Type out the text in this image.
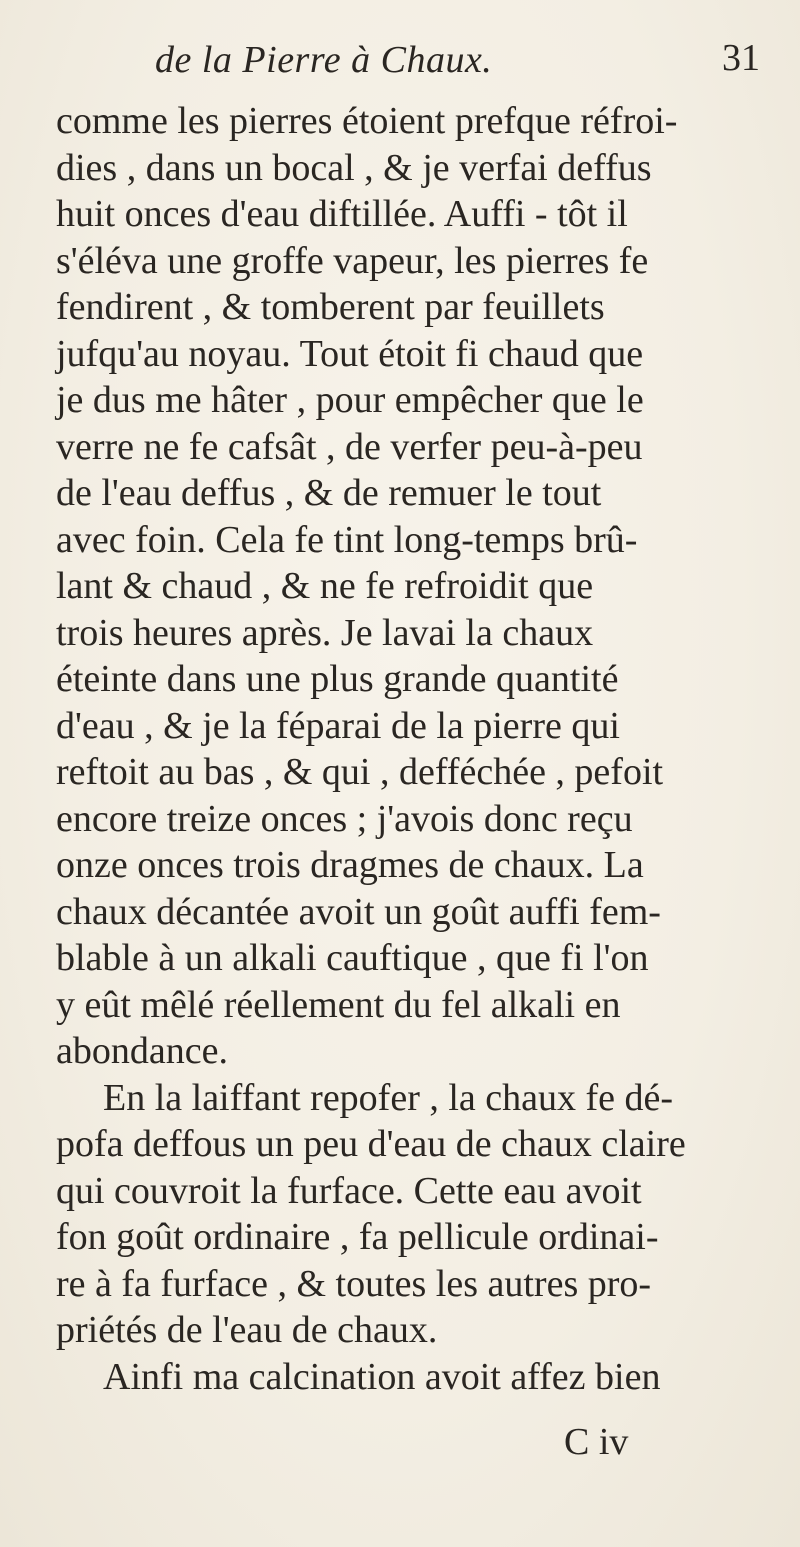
de la Pierre à Chaux.	31
comme les pierres étoient prefque réfroi-
dies , dans un bocal , & je verfai deffus
huit onces d'eau diftillée. Auffi - tôt il
s'éléva une groffe vapeur, les pierres fe
fendirent , & tomberent par feuillets
jufqu'au noyau. Tout étoit fi chaud que
je dus me hâter , pour empêcher que le
verre ne fe cafsât , de verfer peu-à-peu
de l'eau deffus , & de remuer le tout
avec foin. Cela fe tint long-temps brû-
lant & chaud , & ne fe refroidit que
trois heures après. Je lavai la chaux
éteinte dans une plus grande quantité
d'eau , & je la féparai de la pierre qui
reftoit au bas , & qui , defféchée , pefoit
encore treize onces ; j'avois donc reçu
onze onces trois dragmes de chaux. La
chaux décantée avoit un goût auffi fem-
blable à un alkali cauftique , que fi l'on
y eût mêlé réellement du fel alkali en
abondance.
En la laiffant repofer , la chaux fe dé-
pofa deffous un peu d'eau de chaux claire
qui couvroit la furface. Cette eau avoit
fon goût ordinaire , fa pellicule ordinai-
re à fa furface , & toutes les autres pro-
priétés de l'eau de chaux.
Ainfi ma calcination avoit affez bien
C iv
